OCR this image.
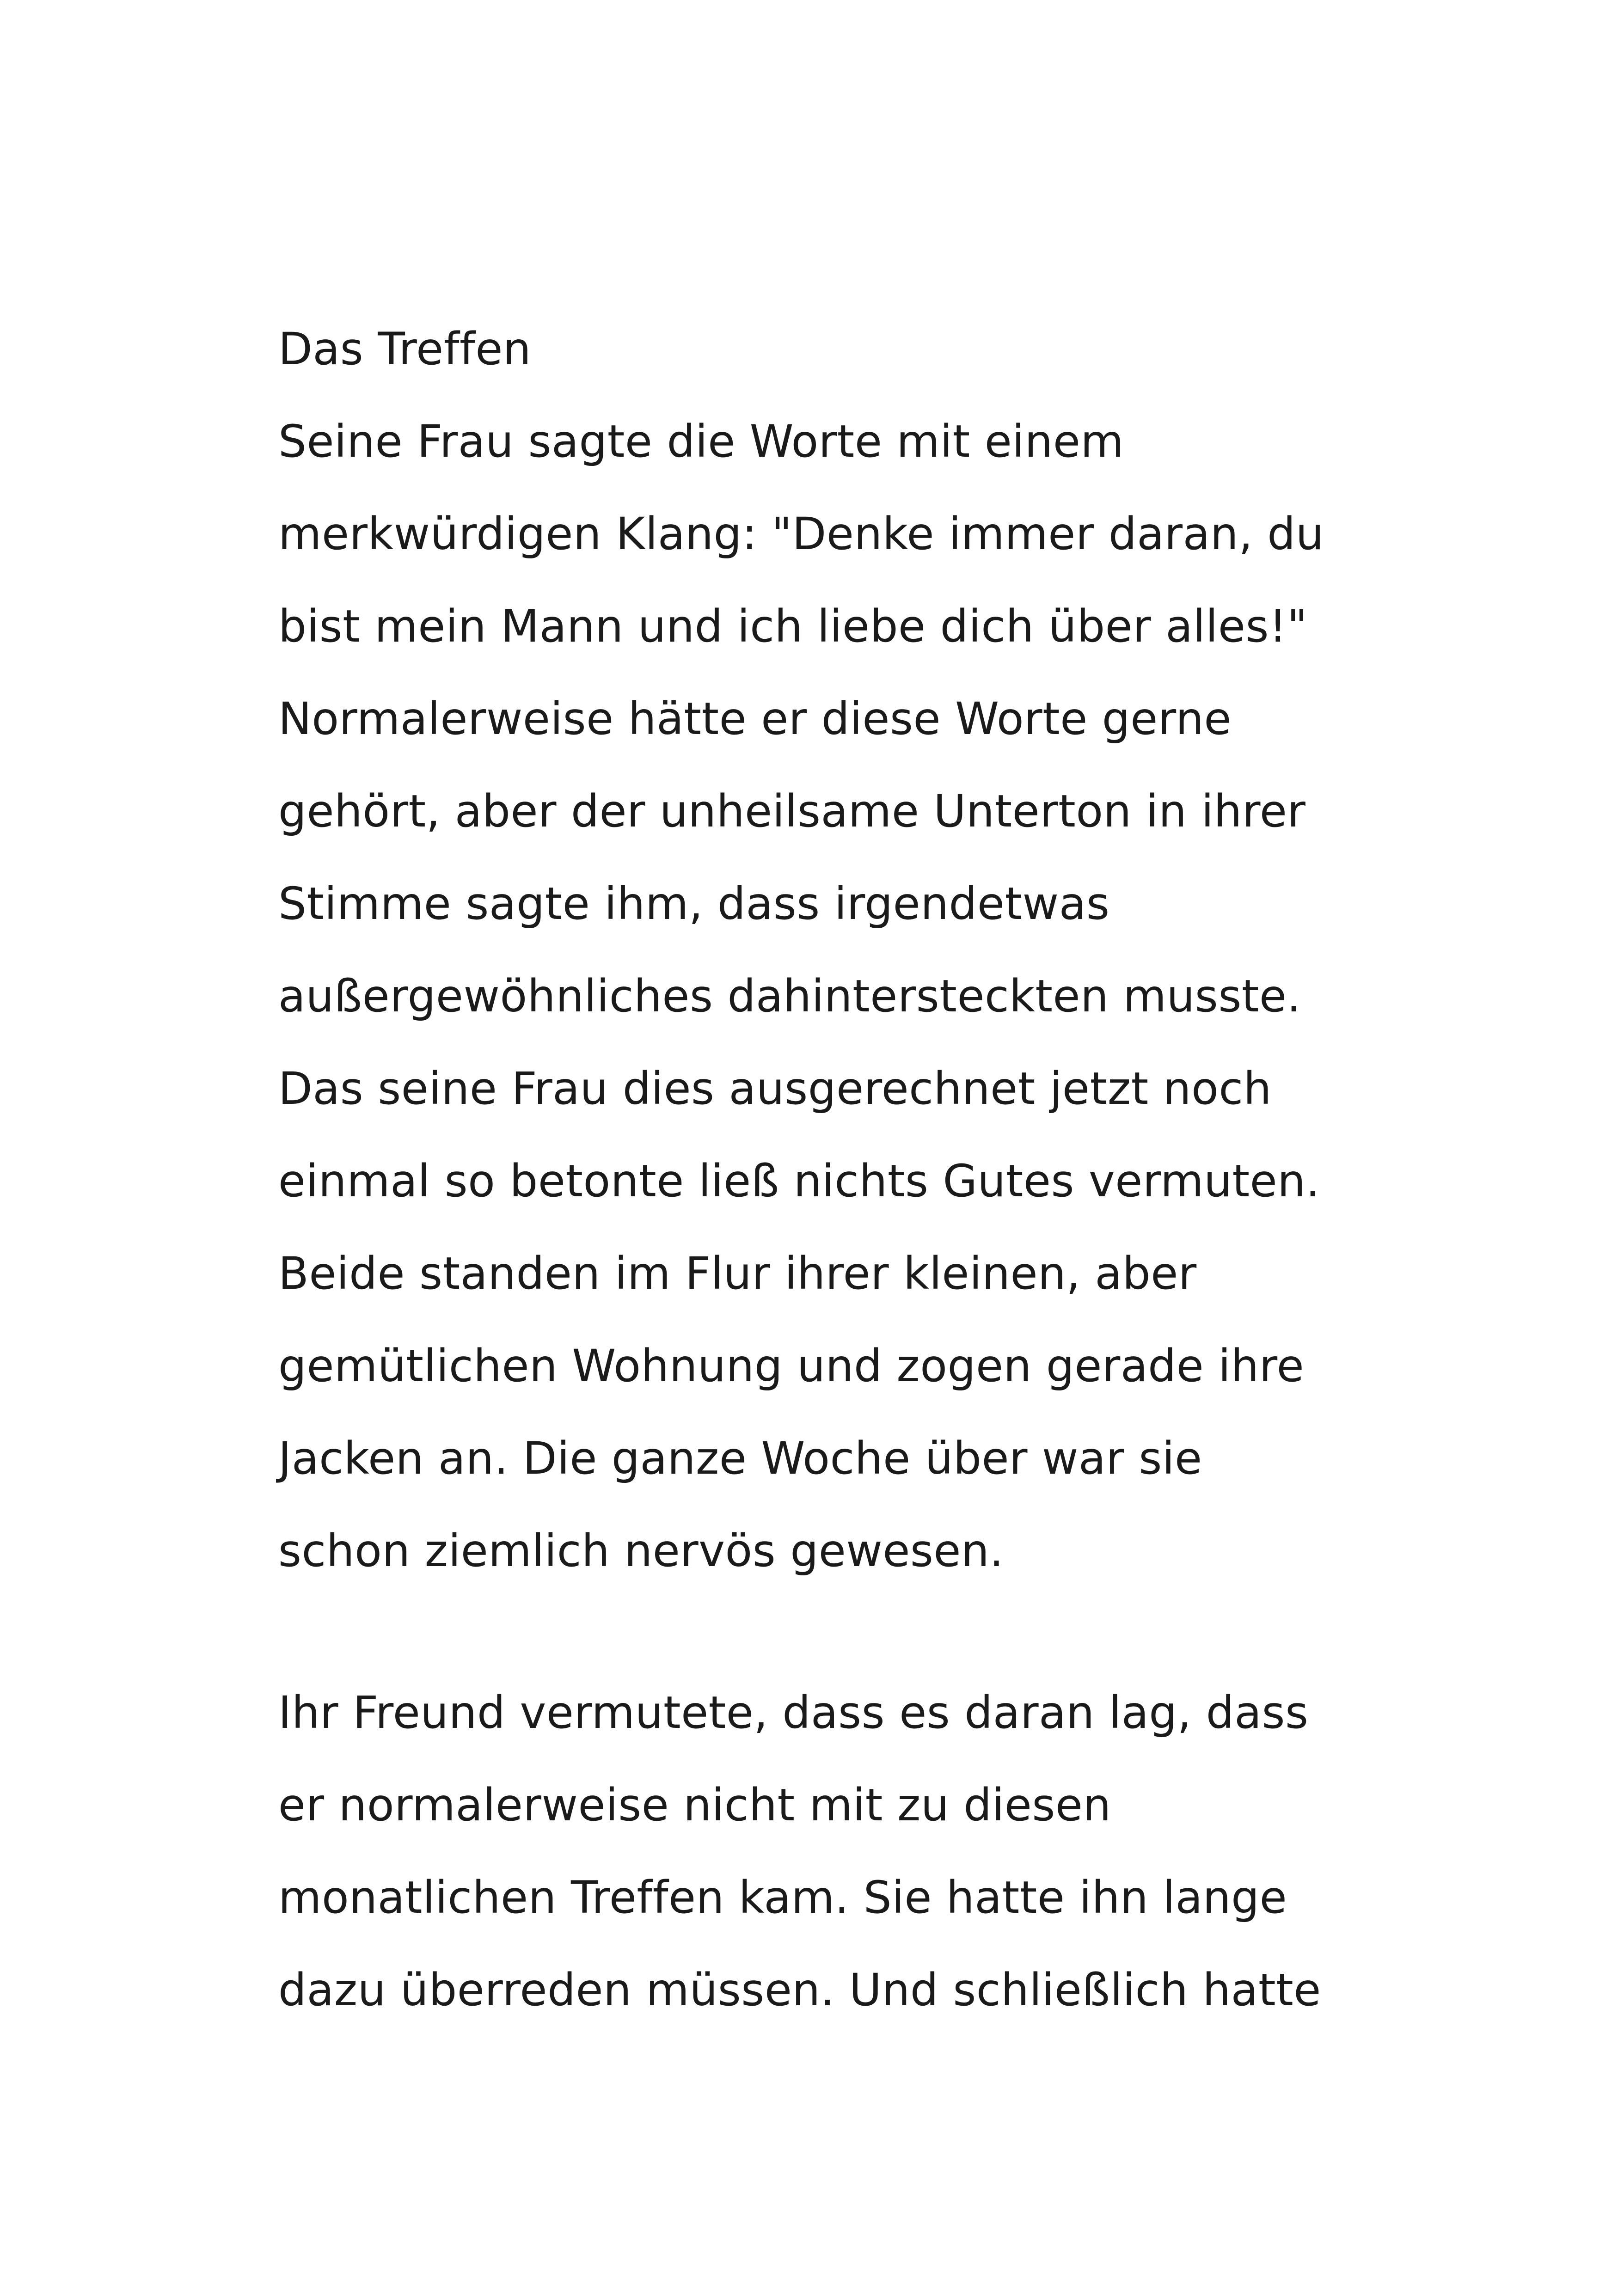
Das Treffen
Seine Frau sagte die Worte mit einem
merkwürdigen Klang: "Denke immer daran, du
bist mein Mann und ich liebe dich über alles!"
Normalerweise hätte er diese Worte gerne
gehört, aber der unheilsame Unterton in ihrer
Stimme sagte ihm, dass irgendetwas
außergewöhnliches dahintersteckten musste.
Das seine Frau dies ausgerechnet jetzt noch
einmal so betonte ließ nichts Gutes vermuten.
Beide standen im Flur ihrer kleinen, aber
gemütlichen Wohnung und zogen gerade ihre
Jacken an. Die ganze Woche über war sie
schon ziemlich nervös gewesen.
Ihr Freund vermutete, dass es daran lag, dass
er normalerweise nicht mit zu diesen
monatlichen Treffen kam. Sie hatte ihn lange
dazu überreden müssen. Und schließlich hatte
